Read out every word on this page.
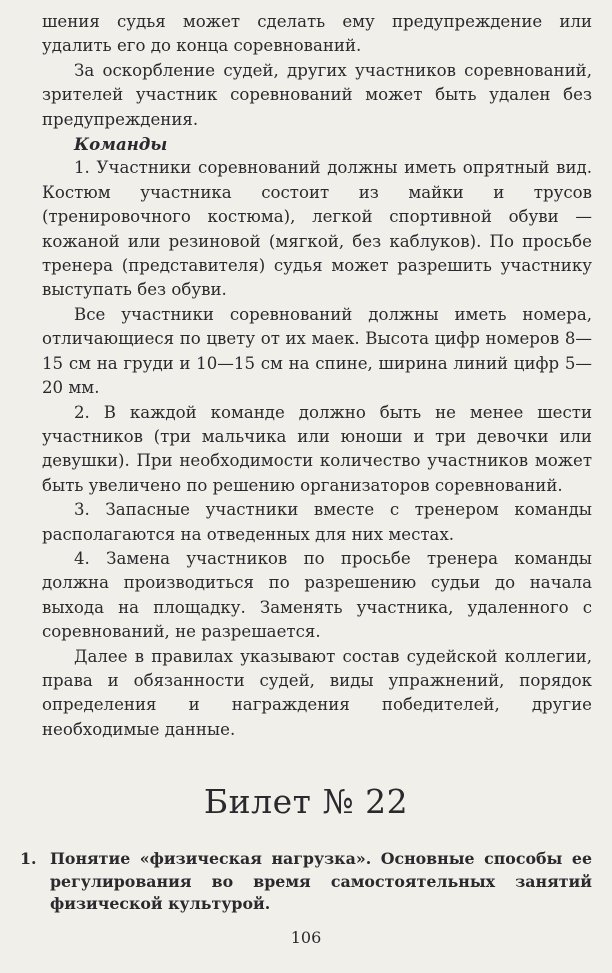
шения судья может сделать ему предупреждение или удалить его до конца соревнований.

За оскорбление судей, других участников соревнований, зрителей участник соревнований может быть удален без предупреждения.

Команды

1. Участники соревнований должны иметь опрятный вид. Костюм участника состоит из майки и трусов (тренировочного костюма), легкой спортивной обуви — кожаной или резиновой (мягкой, без каблуков). По просьбе тренера (представителя) судья может разрешить участнику выступать без обуви.

Все участники соревнований должны иметь номера, отличающиеся по цвету от их маек. Высота цифр номеров 8—15 см на груди и 10—15 см на спине, ширина линий цифр 5—20 мм.

2. В каждой команде должно быть не менее шести участников (три мальчика или юноши и три девочки или девушки). При необходимости количество участников может быть увеличено по решению организаторов соревнований.

3. Запасные участники вместе с тренером команды располагаются на отведенных для них местах.

4. Замена участников по просьбе тренера команды должна производиться по разрешению судьи до начала выхода на площадку. Заменять участника, удаленного с соревнований, не разрешается.

Далее в правилах указывают состав судейской коллегии, права и обязанности судей, виды упражнений, порядок определения и награждения победителей, другие необходимые данные.

Билет № 22
1. Понятие «физическая нагрузка». Основные способы ее регулирования во время самостоятельных занятий физической культурой.
106
